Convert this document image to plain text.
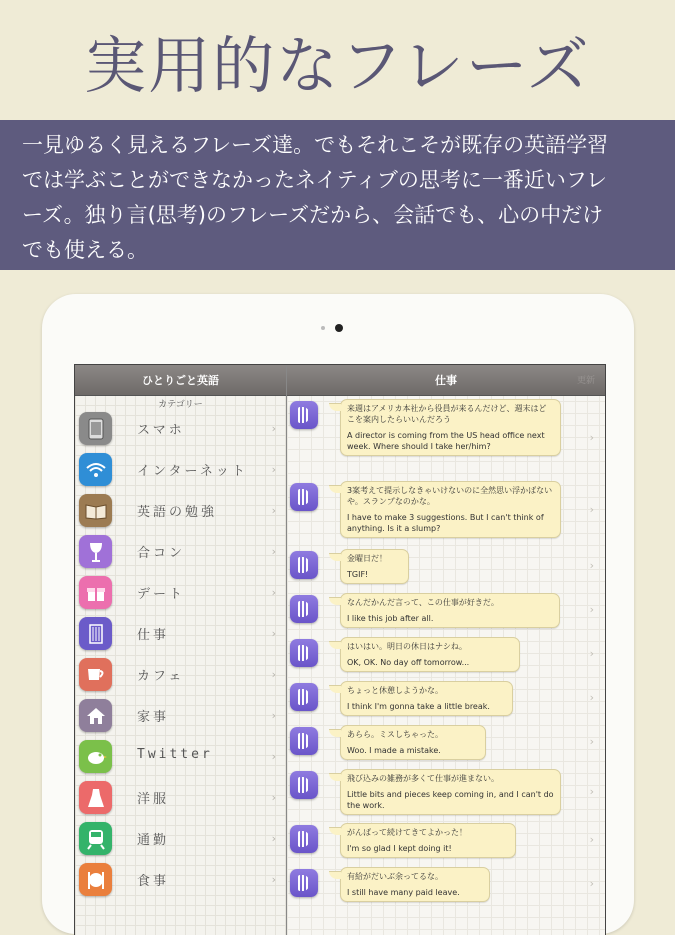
実用的なフレーズ
一見ゆるく見えるフレーズ達。でもそれこそが既存の英語学習
では学ぶことができなかったネイティブの思考に一番近いフレ
ーズ。独り言(思考)のフレーズだから、会話でも、心の中だけ
でも使える。
ひとりごと英語
カテゴリー
スマホ	›
インターネット ›
英語の勉強	›
合コン	›
デート	›
仕事	›
カフェ	›
家事	›
Twitter	›
洋服	›
通勤	›
食事	›
仕事	更新
来週はアメリカ本社から役員が来るんだけど、週末はどこを案内したらいいんだろう
A director is coming from the US head office next week. Where should I take her/him?
›
3案考えて提示しなきゃいけないのに全然思い浮かばないや。スランプなのかな。
I have to make 3 suggestions. But I can't think of anything. Is it a slump?
›
金曜日だ！
TGIF!
›
なんだかんだ言って、この仕事が好きだ。
I like this job after all.
›
はいはい。明日の休日はナシね。
OK, OK. No day off tomorrow...
›
ちょっと休憩しようかな。
I think I'm gonna take a little break.
›
あらら。ミスしちゃった。
Woo. I made a mistake.
›
飛び込みの雑務が多くて仕事が進まない。
Little bits and pieces keep coming in, and I can't do the work.
›
がんばって続けてきてよかった！
I'm so glad I kept doing it!
›
有給がだいぶ余ってるな。
I still have many paid leave.
›
